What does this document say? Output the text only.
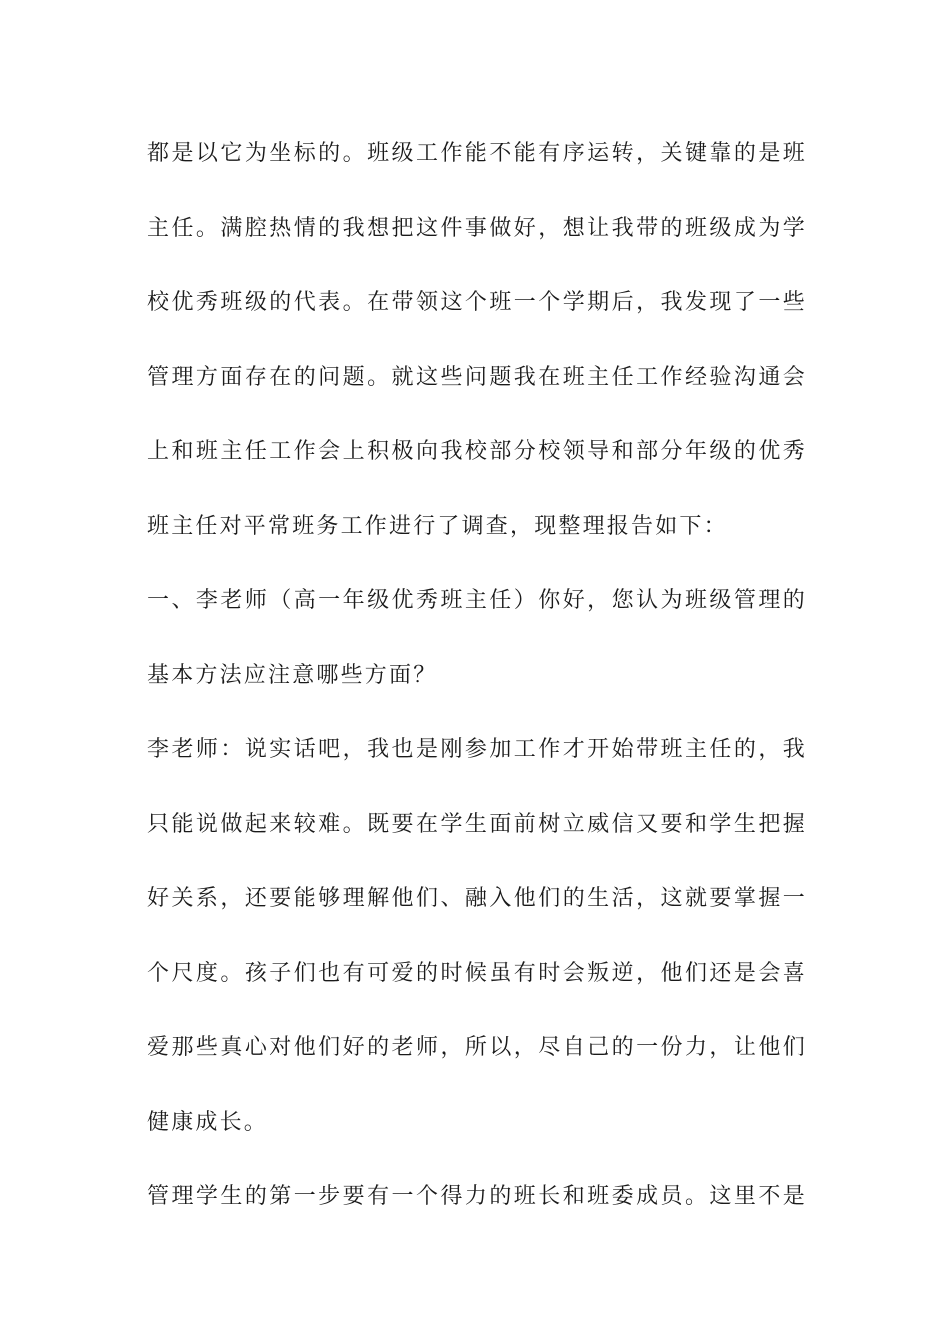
都是以它为坐标的。班级工作能不能有序运转，关键靠的是班
主任。满腔热情的我想把这件事做好，想让我带的班级成为学
校优秀班级的代表。在带领这个班一个学期后，我发现了一些
管理方面存在的问题。就这些问题我在班主任工作经验沟通会
上和班主任工作会上积极向我校部分校领导和部分年级的优秀
班主任对平常班务工作进行了调查，现整理报告如下：
一、李老师（高一年级优秀班主任）你好，您认为班级管理的
基本方法应注意哪些方面？
李老师：说实话吧，我也是刚参加工作才开始带班主任的，我
只能说做起来较难。既要在学生面前树立威信又要和学生把握
好关系，还要能够理解他们、融入他们的生活，这就要掌握一
个尺度。孩子们也有可爱的时候虽有时会叛逆，他们还是会喜
爱那些真心对他们好的老师，所以，尽自己的一份力，让他们
健康成长。
管理学生的第一步要有一个得力的班长和班委成员。这里不是
